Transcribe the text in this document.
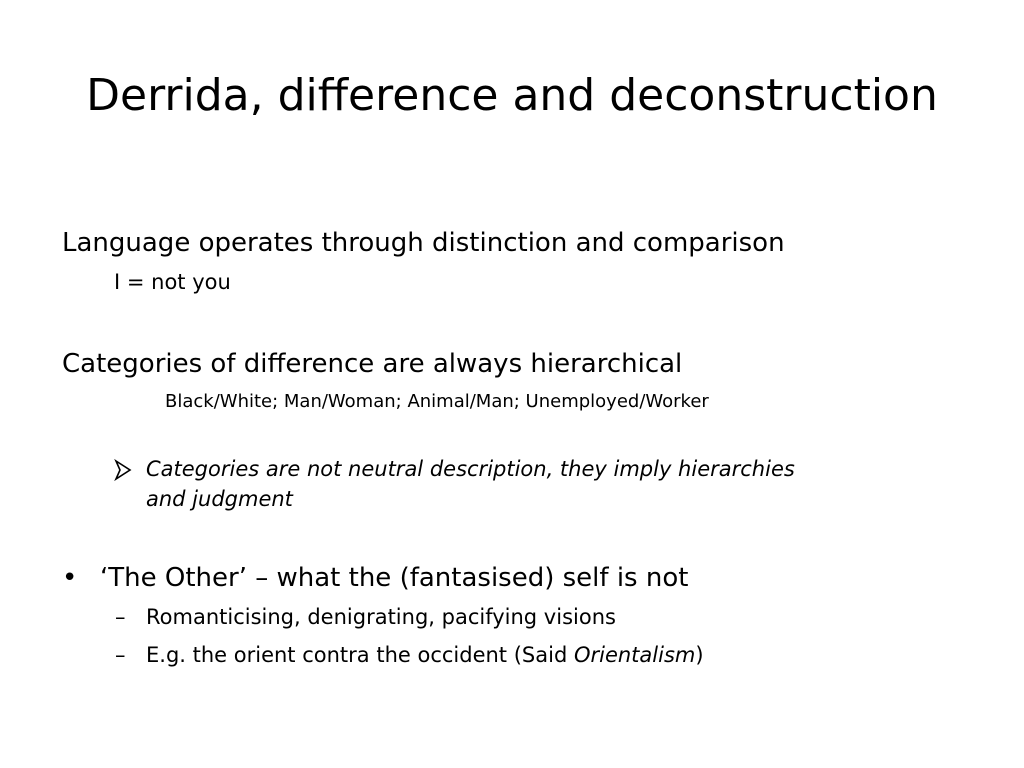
Derrida, difference and deconstruction
Language operates through distinction and comparison
I = not you
Categories of difference are always hierarchical
Black/White; Man/Woman; Animal/Man; Unemployed/Worker
Categories are not neutral description, they imply hierarchies
and judgment
• ‘The Other’ – what the (fantasised) self is not
– Romanticising, denigrating, pacifying visions
– E.g. the orient contra the occident (Said Orientalism)
